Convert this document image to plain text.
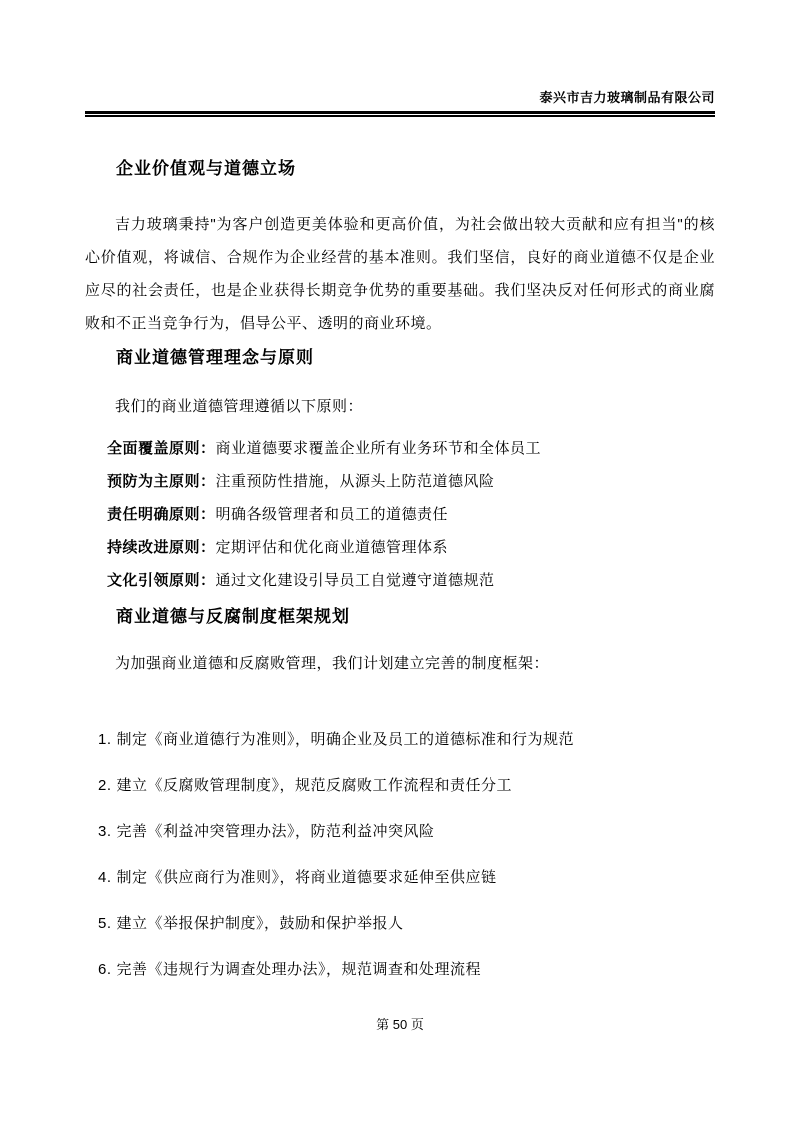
泰兴市吉力玻璃制品有限公司
企业价值观与道德立场

吉力玻璃秉持"为客户创造更美体验和更高价值，为社会做出较大贡献和应有担当"的核心价值观，将诚信、合规作为企业经营的基本准则。我们坚信，良好的商业道德不仅是企业应尽的社会责任，也是企业获得长期竞争优势的重要基础。我们坚决反对任何形式的商业腐败和不正当竞争行为，倡导公平、透明的商业环境。

商业道德管理理念与原则

我们的商业道德管理遵循以下原则：

全面覆盖原则：商业道德要求覆盖企业所有业务环节和全体员工
预防为主原则：注重预防性措施，从源头上防范道德风险
责任明确原则：明确各级管理者和员工的道德责任
持续改进原则：定期评估和优化商业道德管理体系
文化引领原则：通过文化建设引导员工自觉遵守道德规范
商业道德与反腐制度框架规划

为加强商业道德和反腐败管理，我们计划建立完善的制度框架：

1. 制定《商业道德行为准则》，明确企业及员工的道德标准和行为规范
2. 建立《反腐败管理制度》，规范反腐败工作流程和责任分工
3. 完善《利益冲突管理办法》，防范利益冲突风险
4. 制定《供应商行为准则》，将商业道德要求延伸至供应链
5. 建立《举报保护制度》，鼓励和保护举报人
6. 完善《违规行为调查处理办法》，规范调查和处理流程
第 50 页
